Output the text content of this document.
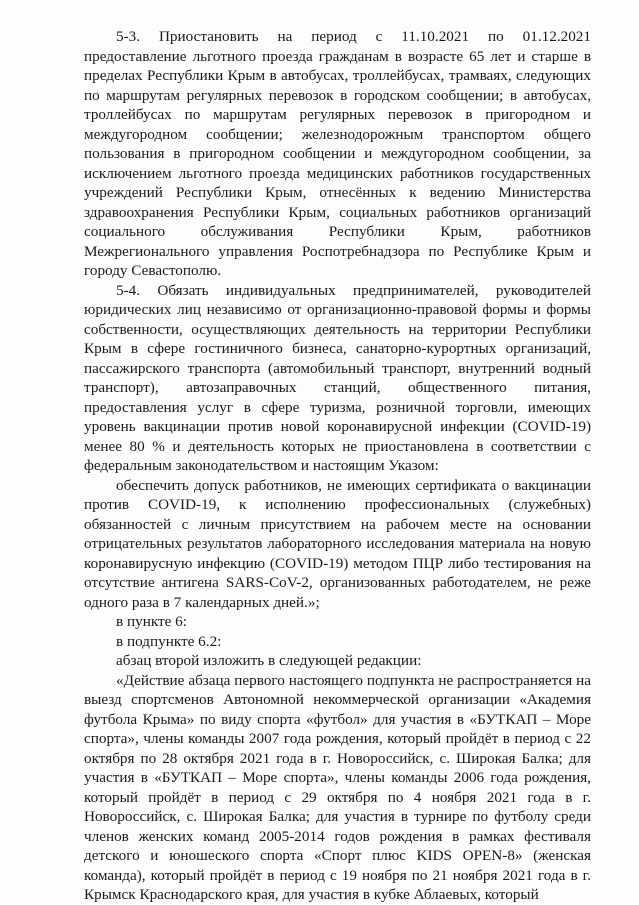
5-3. Приостановить на период с 11.10.2021 по 01.12.2021 предоставление льготного проезда гражданам в возрасте 65 лет и старше в пределах Республики Крым в автобусах, троллейбусах, трамваях, следующих по маршрутам регулярных перевозок в городском сообщении; в автобусах, троллейбусах по маршрутам регулярных перевозок в пригородном и междугородном сообщении; железнодорожным транспортом общего пользования в пригородном сообщении и междугородном сообщении, за исключением льготного проезда медицинских работников государственных учреждений Республики Крым, отнесённых к ведению Министерства здравоохранения Республики Крым, социальных работников организаций социального обслуживания Республики Крым, работников Межрегионального управления Роспотребнадзора по Республике Крым и городу Севастополю.

5-4. Обязать индивидуальных предпринимателей, руководителей юридических лиц независимо от организационно-правовой формы и формы собственности, осуществляющих деятельность на территории Республики Крым в сфере гостиничного бизнеса, санаторно-курортных организаций, пассажирского транспорта (автомобильный транспорт, внутренний водный транспорт), автозаправочных станций, общественного питания, предоставления услуг в сфере туризма, розничной торговли, имеющих уровень вакцинации против новой коронавирусной инфекции (COVID-19) менее 80 % и деятельность которых не приостановлена в соответствии с федеральным законодательством и настоящим Указом:

обеспечить допуск работников, не имеющих сертификата о вакцинации против COVID-19, к исполнению профессиональных (служебных) обязанностей с личным присутствием на рабочем месте на основании отрицательных результатов лабораторного исследования материала на новую коронавирусную инфекцию (COVID-19) методом ПЦР либо тестирования на отсутствие антигена SARS-CoV-2, организованных работодателем, не реже одного раза в 7 календарных дней.»;

в пункте 6:

в подпункте 6.2:

абзац второй изложить в следующей редакции:

«Действие абзаца первого настоящего подпункта не распространяется на выезд спортсменов Автономной некоммерческой организации «Академия футбола Крыма» по виду спорта «футбол» для участия в «БУТКАП – Море спорта», члены команды 2007 года рождения, который пройдёт в период с 22 октября по 28 октября 2021 года в г. Новороссийск, с. Широкая Балка; для участия в «БУТКАП – Море спорта», члены команды 2006 года рождения, который пройдёт в период с 29 октября по 4 ноября 2021 года в г. Новороссийск, с. Широкая Балка; для участия в турнире по футболу среди членов женских команд 2005-2014 годов рождения в рамках фестиваля детского и юношеского спорта «Спорт плюс KIDS OPEN-8» (женская команда), который пройдёт в период с 19 ноября по 21 ноября 2021 года в г. Крымск Краснодарского края, для участия в кубке Аблаевых, который
